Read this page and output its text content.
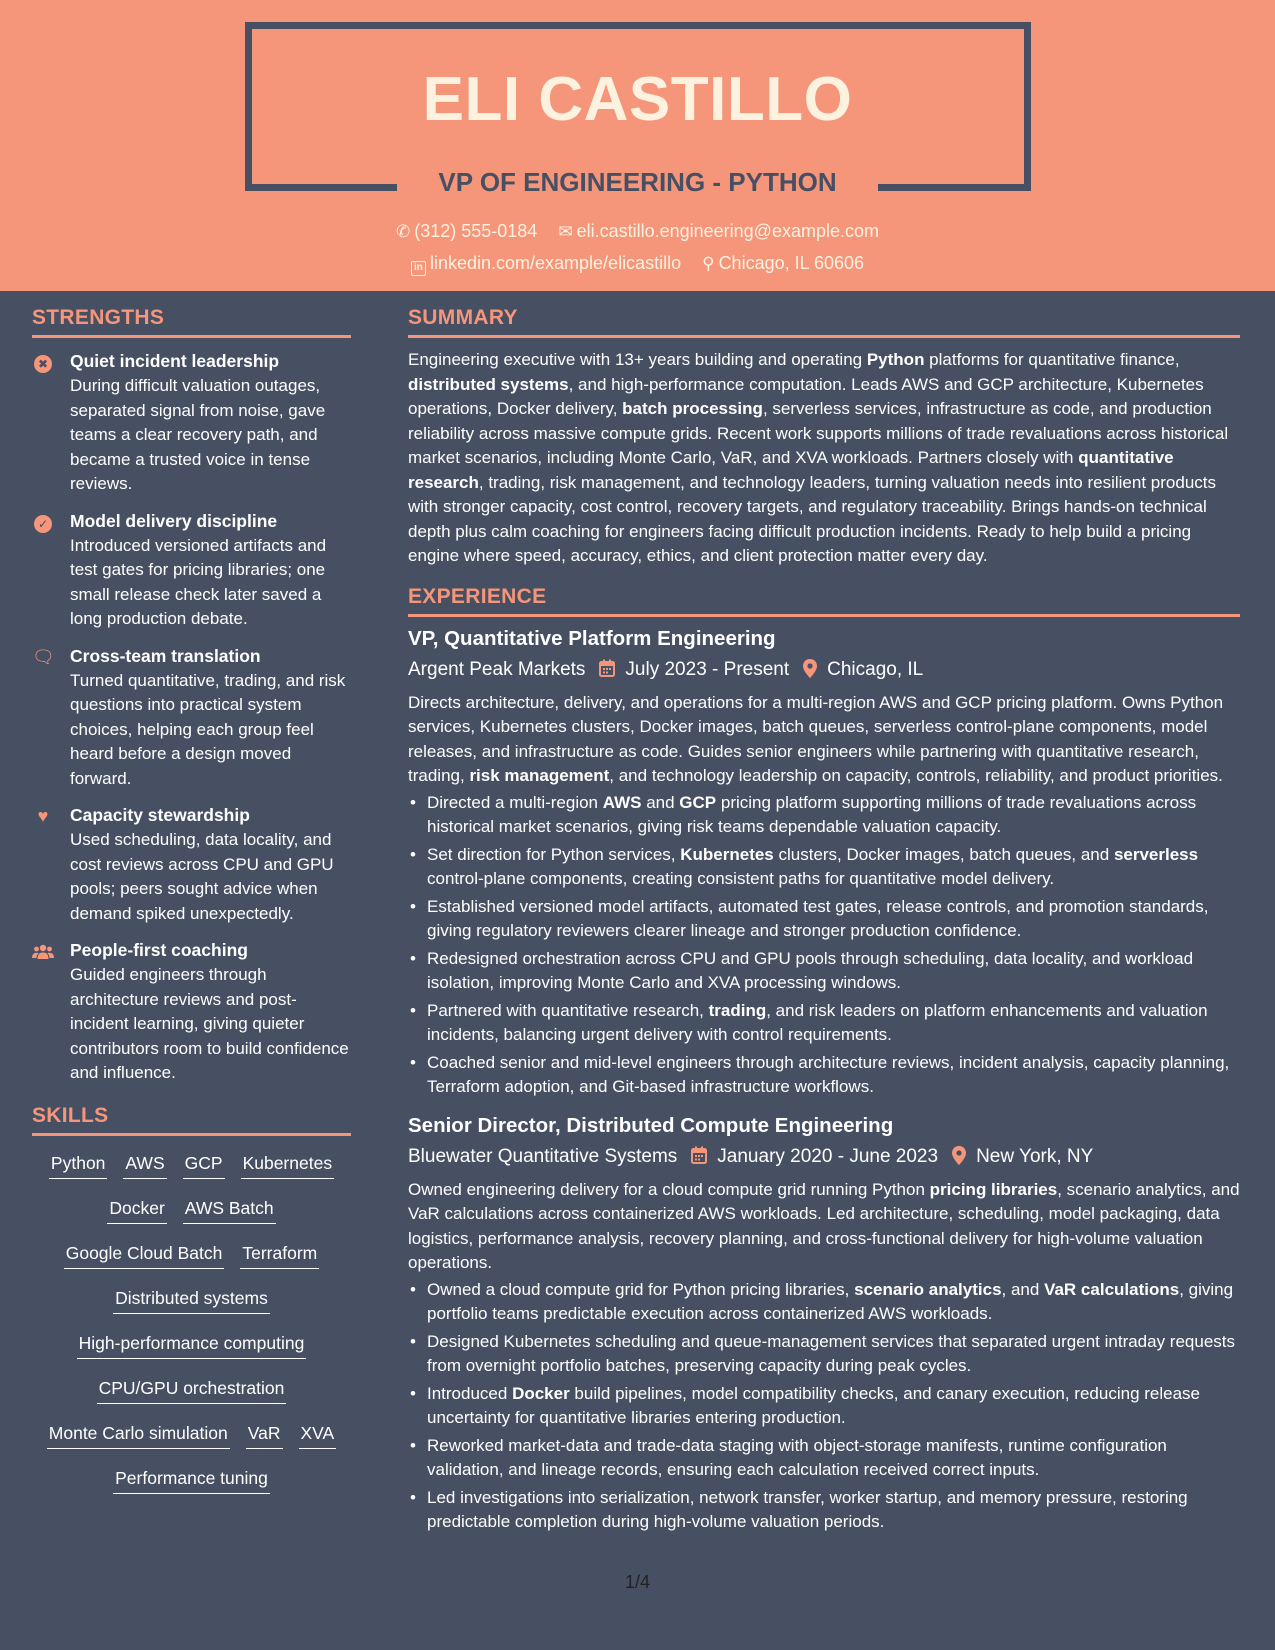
ELI CASTILLO
VP OF ENGINEERING - PYTHON
✆ (312) 555-0184 ✉ eli.castillo.engineering@example.com
in linkedin.com/example/elicastillo ⚲ Chicago, IL 60606
STRENGTHS
✖	Quiet incident leadership
During difficult valuation outages, separated signal from noise, gave teams a clear recovery path, and became a trusted voice in tense reviews.
✓	Model delivery discipline
Introduced versioned artifacts and test gates for pricing libraries; one small release check later saved a long production debate.
🗨 Cross-team translation
Turned quantitative, trading, and risk questions into practical system choices, helping each group feel heard before a design moved forward.
♥	Capacity stewardship
Used scheduling, data locality, and cost reviews across CPU and GPU pools; peers sought advice when demand spiked unexpectedly.
People-first coaching
Guided engineers through architecture reviews and post-incident learning, giving quieter contributors room to build confidence and influence.
SKILLS
Python AWS GCP Kubernetes
Docker AWS Batch
Google Cloud Batch Terraform
Distributed systems
High-performance computing
CPU/GPU orchestration
Monte Carlo simulation VaR XVA
Performance tuning
SUMMARY
Engineering executive with 13+ years building and operating Python platforms for quantitative finance, distributed systems, and high-performance computation. Leads AWS and GCP architecture, Kubernetes operations, Docker delivery, batch processing, serverless services, infrastructure as code, and production reliability across massive compute grids. Recent work supports millions of trade revaluations across historical market scenarios, including Monte Carlo, VaR, and XVA workloads. Partners closely with quantitative research, trading, risk management, and technology leaders, turning valuation needs into resilient products with stronger capacity, cost control, recovery targets, and regulatory traceability. Brings hands-on technical depth plus calm coaching for engineers facing difficult production incidents. Ready to help build a pricing engine where speed, accuracy, ethics, and client protection matter every day.
EXPERIENCE
VP, Quantitative Platform Engineering
Argent Peak Markets July 2023 - Present Chicago, IL
Directs architecture, delivery, and operations for a multi-region AWS and GCP pricing platform. Owns Python services, Kubernetes clusters, Docker images, batch queues, serverless control-plane components, model releases, and infrastructure as code. Guides senior engineers while partnering with quantitative research, trading, risk management, and technology leadership on capacity, controls, reliability, and product priorities.
• Directed a multi-region AWS and GCP pricing platform supporting millions of trade revaluations across historical market scenarios, giving risk teams dependable valuation capacity.
• Set direction for Python services, Kubernetes clusters, Docker images, batch queues, and serverless control-plane components, creating consistent paths for quantitative model delivery.
• Established versioned model artifacts, automated test gates, release controls, and promotion standards, giving regulatory reviewers clearer lineage and stronger production confidence.
• Redesigned orchestration across CPU and GPU pools through scheduling, data locality, and workload isolation, improving Monte Carlo and XVA processing windows.
• Partnered with quantitative research, trading, and risk leaders on platform enhancements and valuation incidents, balancing urgent delivery with control requirements.
• Coached senior and mid-level engineers through architecture reviews, incident analysis, capacity planning, Terraform adoption, and Git-based infrastructure workflows.
Senior Director, Distributed Compute Engineering
Bluewater Quantitative Systems January 2020 - June 2023 New York, NY
Owned engineering delivery for a cloud compute grid running Python pricing libraries, scenario analytics, and VaR calculations across containerized AWS workloads. Led architecture, scheduling, model packaging, data logistics, performance analysis, recovery planning, and cross-functional delivery for high-volume valuation operations.
• Owned a cloud compute grid for Python pricing libraries, scenario analytics, and VaR calculations, giving portfolio teams predictable execution across containerized AWS workloads.
• Designed Kubernetes scheduling and queue-management services that separated urgent intraday requests from overnight portfolio batches, preserving capacity during peak cycles.
• Introduced Docker build pipelines, model compatibility checks, and canary execution, reducing release uncertainty for quantitative libraries entering production.
• Reworked market-data and trade-data staging with object-storage manifests, runtime configuration validation, and lineage records, ensuring each calculation received correct inputs.
• Led investigations into serialization, network transfer, worker startup, and memory pressure, restoring predictable completion during high-volume valuation periods.
1/4
